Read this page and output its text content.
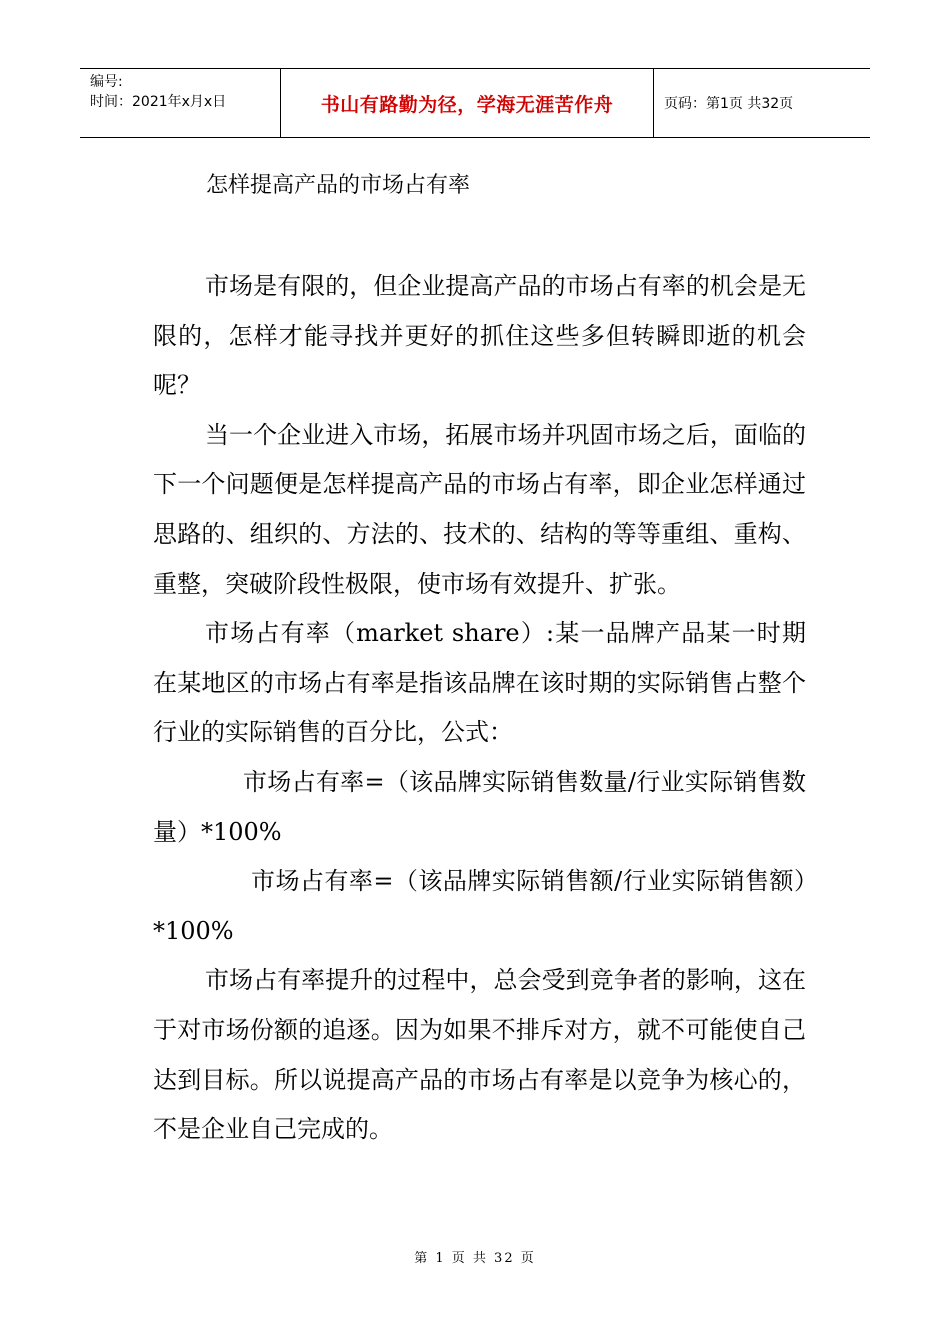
编号:
时间：2021年x月x日	书山有路勤为径，学海无涯苦作舟	页码：第1页 共32页
怎样提高产品的市场占有率

市场是有限的，但企业提高产品的市场占有率的机会是无限的，怎样才能寻找并更好的抓住这些多但转瞬即逝的机会呢？

当一个企业进入市场，拓展市场并巩固市场之后，面临的下一个问题便是怎样提高产品的市场占有率，即企业怎样通过思路的、组织的、方法的、技术的、结构的等等重组、重构、重整，突破阶段性极限，使市场有效提升、扩张。

市场占有率（market share）:某一品牌产品某一时期在某地区的市场占有率是指该品牌在该时期的实际销售占整个行业的实际销售的百分比，公式：

市场占有率=（该品牌实际销售数量/行业实际销售数量）*100%

市场占有率=（该品牌实际销售额/行业实际销售额）*100%

市场占有率提升的过程中，总会受到竞争者的影响，这在于对市场份额的追逐。因为如果不排斥对方，就不可能使自己达到目标。所以说提高产品的市场占有率是以竞争为核心的，不是企业自己完成的。

第 1 页 共 32 页
